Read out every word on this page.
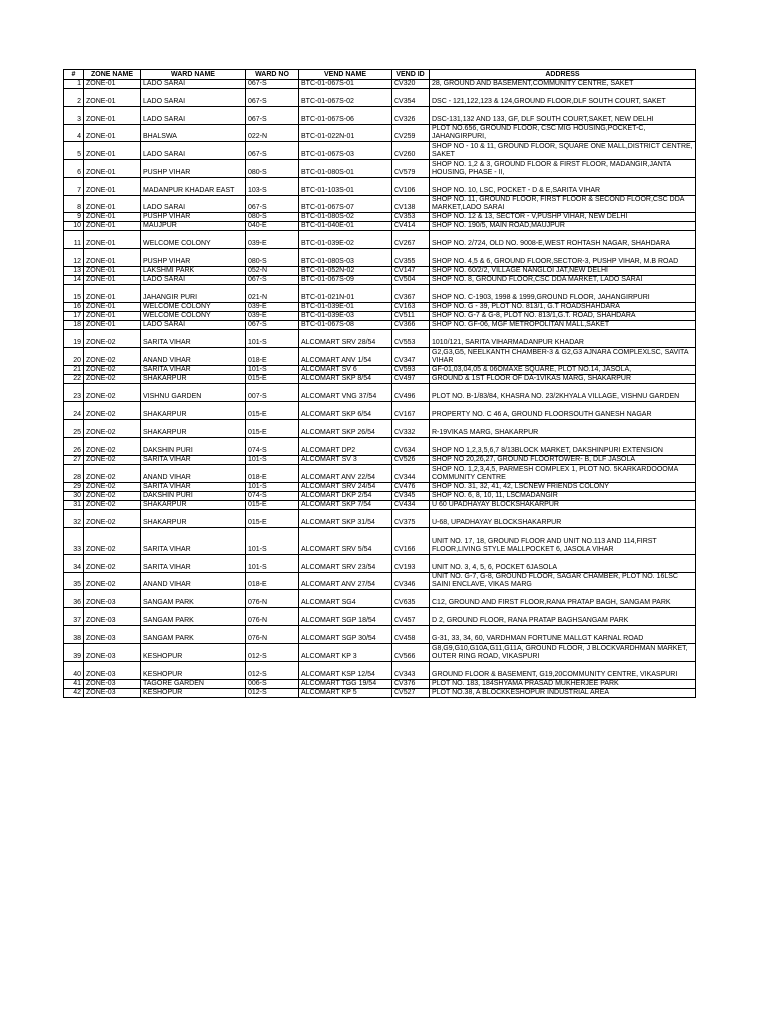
#	ZONE NAME	WARD NAME	WARD NO	VEND NAME	VEND ID	ADDRESS
1	ZONE-01	LADO SARAI	067-S	BTC-01-067S-01	CV320	28, GROUND AND BASEMENT,COMMUNITY CENTRE, SAKET
2	ZONE-01	LADO SARAI	067-S	BTC-01-067S-02	CV354	DSC - 121,122,123 & 124,GROUND FLOOR,DLF SOUTH COURT, SAKET
3	ZONE-01	LADO SARAI	067-S	BTC-01-067S-06	CV326	DSC-131,132 AND 133, GF, DLF SOUTH COURT,SAKET, NEW DELHI
4	ZONE-01	BHALSWA	022-N	BTC-01-022N-01	CV259	PLOT NO.656, GROUND FLOOR, CSC MIG HOUSING,POCKET-C, JAHANGIRPURI,
5	ZONE-01	LADO SARAI	067-S	BTC-01-067S-03	CV260	SHOP NO - 10 & 11, GROUND FLOOR, SQUARE ONE MALL,DISTRICT CENTRE, SAKET
6	ZONE-01	PUSHP VIHAR	080-S	BTC-01-080S-01	CV579	SHOP NO. 1,2 & 3, GROUND FLOOR & FIRST FLOOR, MADANGIR,JANTA HOUSING, PHASE - II,
7	ZONE-01	MADANPUR KHADAR EAST	103-S	BTC-01-103S-01	CV106	SHOP NO. 10, LSC, POCKET - D & E,SARITA VIHAR
8	ZONE-01	LADO SARAI	067-S	BTC-01-067S-07	CV138	SHOP NO. 11, GROUND FLOOR, FIRST FLOOR & SECOND FLOOR,CSC DDA MARKET,LADO SARAI
9	ZONE-01	PUSHP VIHAR	080-S	BTC-01-080S-02	CV353	SHOP NO. 12 & 13, SECTOR - V,PUSHP VIHAR, NEW DELHI
10	ZONE-01	MAUJPUR	040-E	BTC-01-040E-01	CV414	SHOP NO. 190/5, MAIN ROAD,MAUJPUR
11	ZONE-01	WELCOME COLONY	039-E	BTC-01-039E-02	CV267	SHOP NO. 2/724, OLD NO. 9008-E,WEST ROHTASH NAGAR, SHAHDARA
12	ZONE-01	PUSHP VIHAR	080-S	BTC-01-080S-03	CV355	SHOP NO. 4,5 & 6, GROUND FLOOR,SECTOR-3, PUSHP VIHAR, M.B ROAD
13	ZONE-01	LAKSHMI PARK	052-N	BTC-01-052N-02	CV147	SHOP NO. 60/2/2, VILLAGE NANGLOI JAT,NEW DELHI
14	ZONE-01	LADO SARAI	067-S	BTC-01-067S-09	CV504	SHOP NO. 8, GROUND FLOOR,CSC DDA MARKET, LADO SARAI
15	ZONE-01	JAHANGIR PURI	021-N	BTC-01-021N-01	CV367	SHOP NO. C-1903, 1998 & 1999,GROUND FLOOR, JAHANGIRPURI
16	ZONE-01	WELCOME COLONY	039-E	BTC-01-039E-01	CV163	SHOP NO. G - 39, PLOT NO. 813/1, G.T ROADSHAHDARA
17	ZONE-01	WELCOME COLONY	039-E	BTC-01-039E-03	CV511	SHOP NO. G-7 & G-8, PLOT NO. 813/1,G.T. ROAD, SHAHDARA
18	ZONE-01	LADO SARAI	067-S	BTC-01-067S-08	CV366	SHOP NO. GF-06, MGF METROPOLITAN MALL,SAKET
19	ZONE-02	SARITA VIHAR	101-S	ALCOMART SRV 28/54	CV553	1010/121, SARITA VIHARMADANPUR KHADAR
20	ZONE-02	ANAND VIHAR	018-E	ALCOMART ANV 1/54	CV347	G2,G3,G5, NEELKANTH CHAMBER-3 & G2,G3 AJNARA COMPLEXLSC, SAVITA VIHAR
21	ZONE-02	SARITA VIHAR	101-S	ALCOMART SV 6	CV593	GF-01,03,04,05 & 06OMAXE SQUARE, PLOT NO.14, JASOLA,
22	ZONE-02	SHAKARPUR	015-E	ALCOMART SKP 8/54	CV497	GROUND & 1ST FLOOR OF DA-1VIKAS MARG, SHAKARPUR
23	ZONE-02	VISHNU GARDEN	007-S	ALCOMART VNG 37/54	CV496	PLOT NO. B-1/83/84, KHASRA NO. 23/2KHYALA VILLAGE, VISHNU GARDEN
24	ZONE-02	SHAKARPUR	015-E	ALCOMART SKP 6/54	CV167	PROPERTY NO. C 46 A, GROUND FLOORSOUTH GANESH NAGAR
25	ZONE-02	SHAKARPUR	015-E	ALCOMART SKP 26/54	CV332	R-19VIKAS MARG, SHAKARPUR
26	ZONE-02	DAKSHIN PURI	074-S	ALCOMART DP2	CV634	SHOP NO 1,2,3,5,6,7 8/13BLOCK MARKET, DAKSHINPURI EXTENSION
27	ZONE-02	SARITA VIHAR	101-S	ALCOMART SV 3	CV526	SHOP NO 20,26,27, GROUND FLOORTOWER- B, DLF JASOLA
28	ZONE-02	ANAND VIHAR	018-E	ALCOMART ANV 22/54	CV344	SHOP NO. 1,2,3,4,5, PARMESH COMPLEX 1, PLOT NO. 5KARKARDOOOMA COMMUNITY CENTRE
29	ZONE-02	SARITA VIHAR	101-S	ALCOMART SRV 24/54	CV476	SHOP NO. 31, 32, 41, 42, LSCNEW FRIENDS COLONY
30	ZONE-02	DAKSHIN PURI	074-S	ALCOMART DKP 2/54	CV345	SHOP NO. 6, 8, 10, 11, LSCMADANGIR
31	ZONE-02	SHAKARPUR	015-E	ALCOMART SKP 7/54	CV434	U 60 UPADHAYAY BLOCKSHAKARPUR
32	ZONE-02	SHAKARPUR	015-E	ALCOMART SKP 31/54	CV375	U-68, UPADHAYAY BLOCKSHAKARPUR
33	ZONE-02	SARITA VIHAR	101-S	ALCOMART SRV 5/54	CV166	UNIT NO. 17, 18, GROUND FLOOR AND UNIT NO.113 AND 114,FIRST FLOOR,LIVING STYLE MALLPOCKET 6, JASOLA VIHAR
34	ZONE-02	SARITA VIHAR	101-S	ALCOMART SRV 23/54	CV193	UNIT NO. 3, 4, 5, 6, POCKET 6JASOLA
35	ZONE-02	ANAND VIHAR	018-E	ALCOMART ANV 27/54	CV346	UNIT NO. G-7, G-8, GROUND FLOOR, SAGAR CHAMBER, PLOT NO. 16LSC SAINI ENCLAVE, VIKAS MARG
36	ZONE-03	SANGAM PARK	076-N	ALCOMART SG4	CV635	C12, GROUND AND FIRST FLOOR,RANA PRATAP BAGH, SANGAM PARK
37	ZONE-03	SANGAM PARK	076-N	ALCOMART SGP 18/54	CV457	D 2, GROUND FLOOR, RANA PRATAP BAGHSANGAM PARK
38	ZONE-03	SANGAM PARK	076-N	ALCOMART SGP 30/54	CV458	G-31, 33, 34, 60, VARDHMAN FORTUNE MALLGT KARNAL ROAD
39	ZONE-03	KESHOPUR	012-S	ALCOMART KP 3	CV566	G8,G9,G10,G10A,G11,G11A, GROUND FLOOR, J BLOCKVARDHMAN MARKET, OUTER RING ROAD, VIKASPURI
40	ZONE-03	KESHOPUR	012-S	ALCOMART KSP 12/54	CV343	GROUND FLOOR & BASEMENT, G19,20COMMUNITY CENTRE, VIKASPURI
41	ZONE-03	TAGORE GARDEN	006-S	ALCOMART TGG 19/54	CV376	PLOT NO. 183, 184SHYAMA PRASAD MUKHERJEE PARK
42	ZONE-03	KESHOPUR	012-S	ALCOMART KP 5	CV527	PLOT NO.38, A BLOCKKESHOPUR INDUSTRIAL AREA
